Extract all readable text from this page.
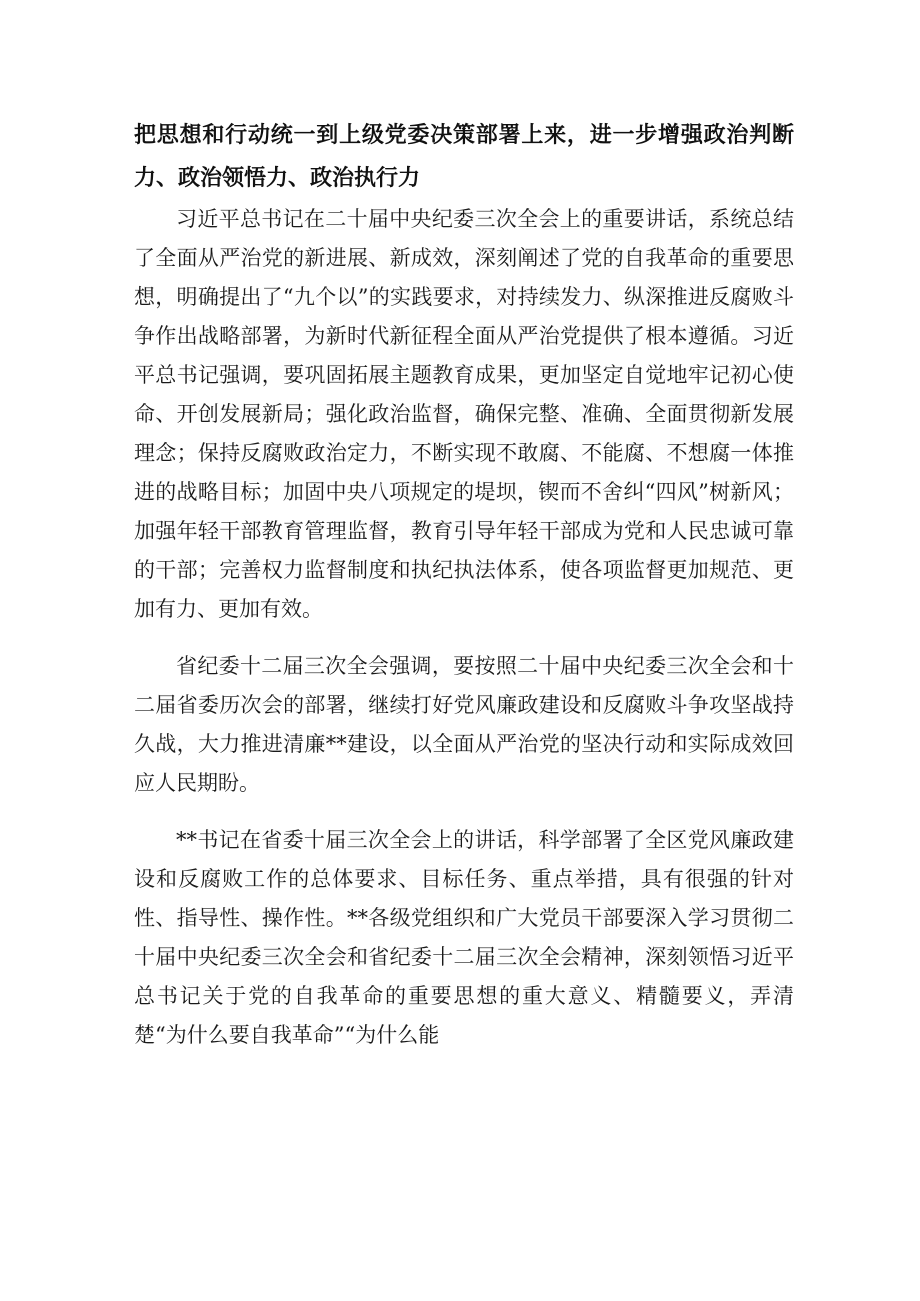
把思想和行动统一到上级党委决策部署上来，进一步增强政治判断力、政治领悟力、政治执行力

习近平总书记在二十届中央纪委三次全会上的重要讲话，系统总结了全面从严治党的新进展、新成效，深刻阐述了党的自我革命的重要思想，明确提出了“九个以”的实践要求，对持续发力、纵深推进反腐败斗争作出战略部署，为新时代新征程全面从严治党提供了根本遵循。习近平总书记强调，要巩固拓展主题教育成果，更加坚定自觉地牢记初心使命、开创发展新局；强化政治监督，确保完整、准确、全面贯彻新发展理念；保持反腐败政治定力，不断实现不敢腐、不能腐、不想腐一体推进的战略目标；加固中央八项规定的堤坝，锲而不舍纠“四风”树新风；加强年轻干部教育管理监督，教育引导年轻干部成为党和人民忠诚可靠的干部；完善权力监督制度和执纪执法体系，使各项监督更加规范、更加有力、更加有效。

省纪委十二届三次全会强调，要按照二十届中央纪委三次全会和十二届省委历次会的部署，继续打好党风廉政建设和反腐败斗争攻坚战持久战，大力推进清廉**建设，以全面从严治党的坚决行动和实际成效回应人民期盼。

**书记在省委十届三次全会上的讲话，科学部署了全区党风廉政建设和反腐败工作的总体要求、目标任务、重点举措，具有很强的针对性、指导性、操作性。**各级党组织和广大党员干部要深入学习贯彻二十届中央纪委三次全会和省纪委十二届三次全会精神，深刻领悟习近平总书记关于党的自我革命的重要思想的重大意义、精髓要义，弄清楚“为什么要自我革命”“为什么能
